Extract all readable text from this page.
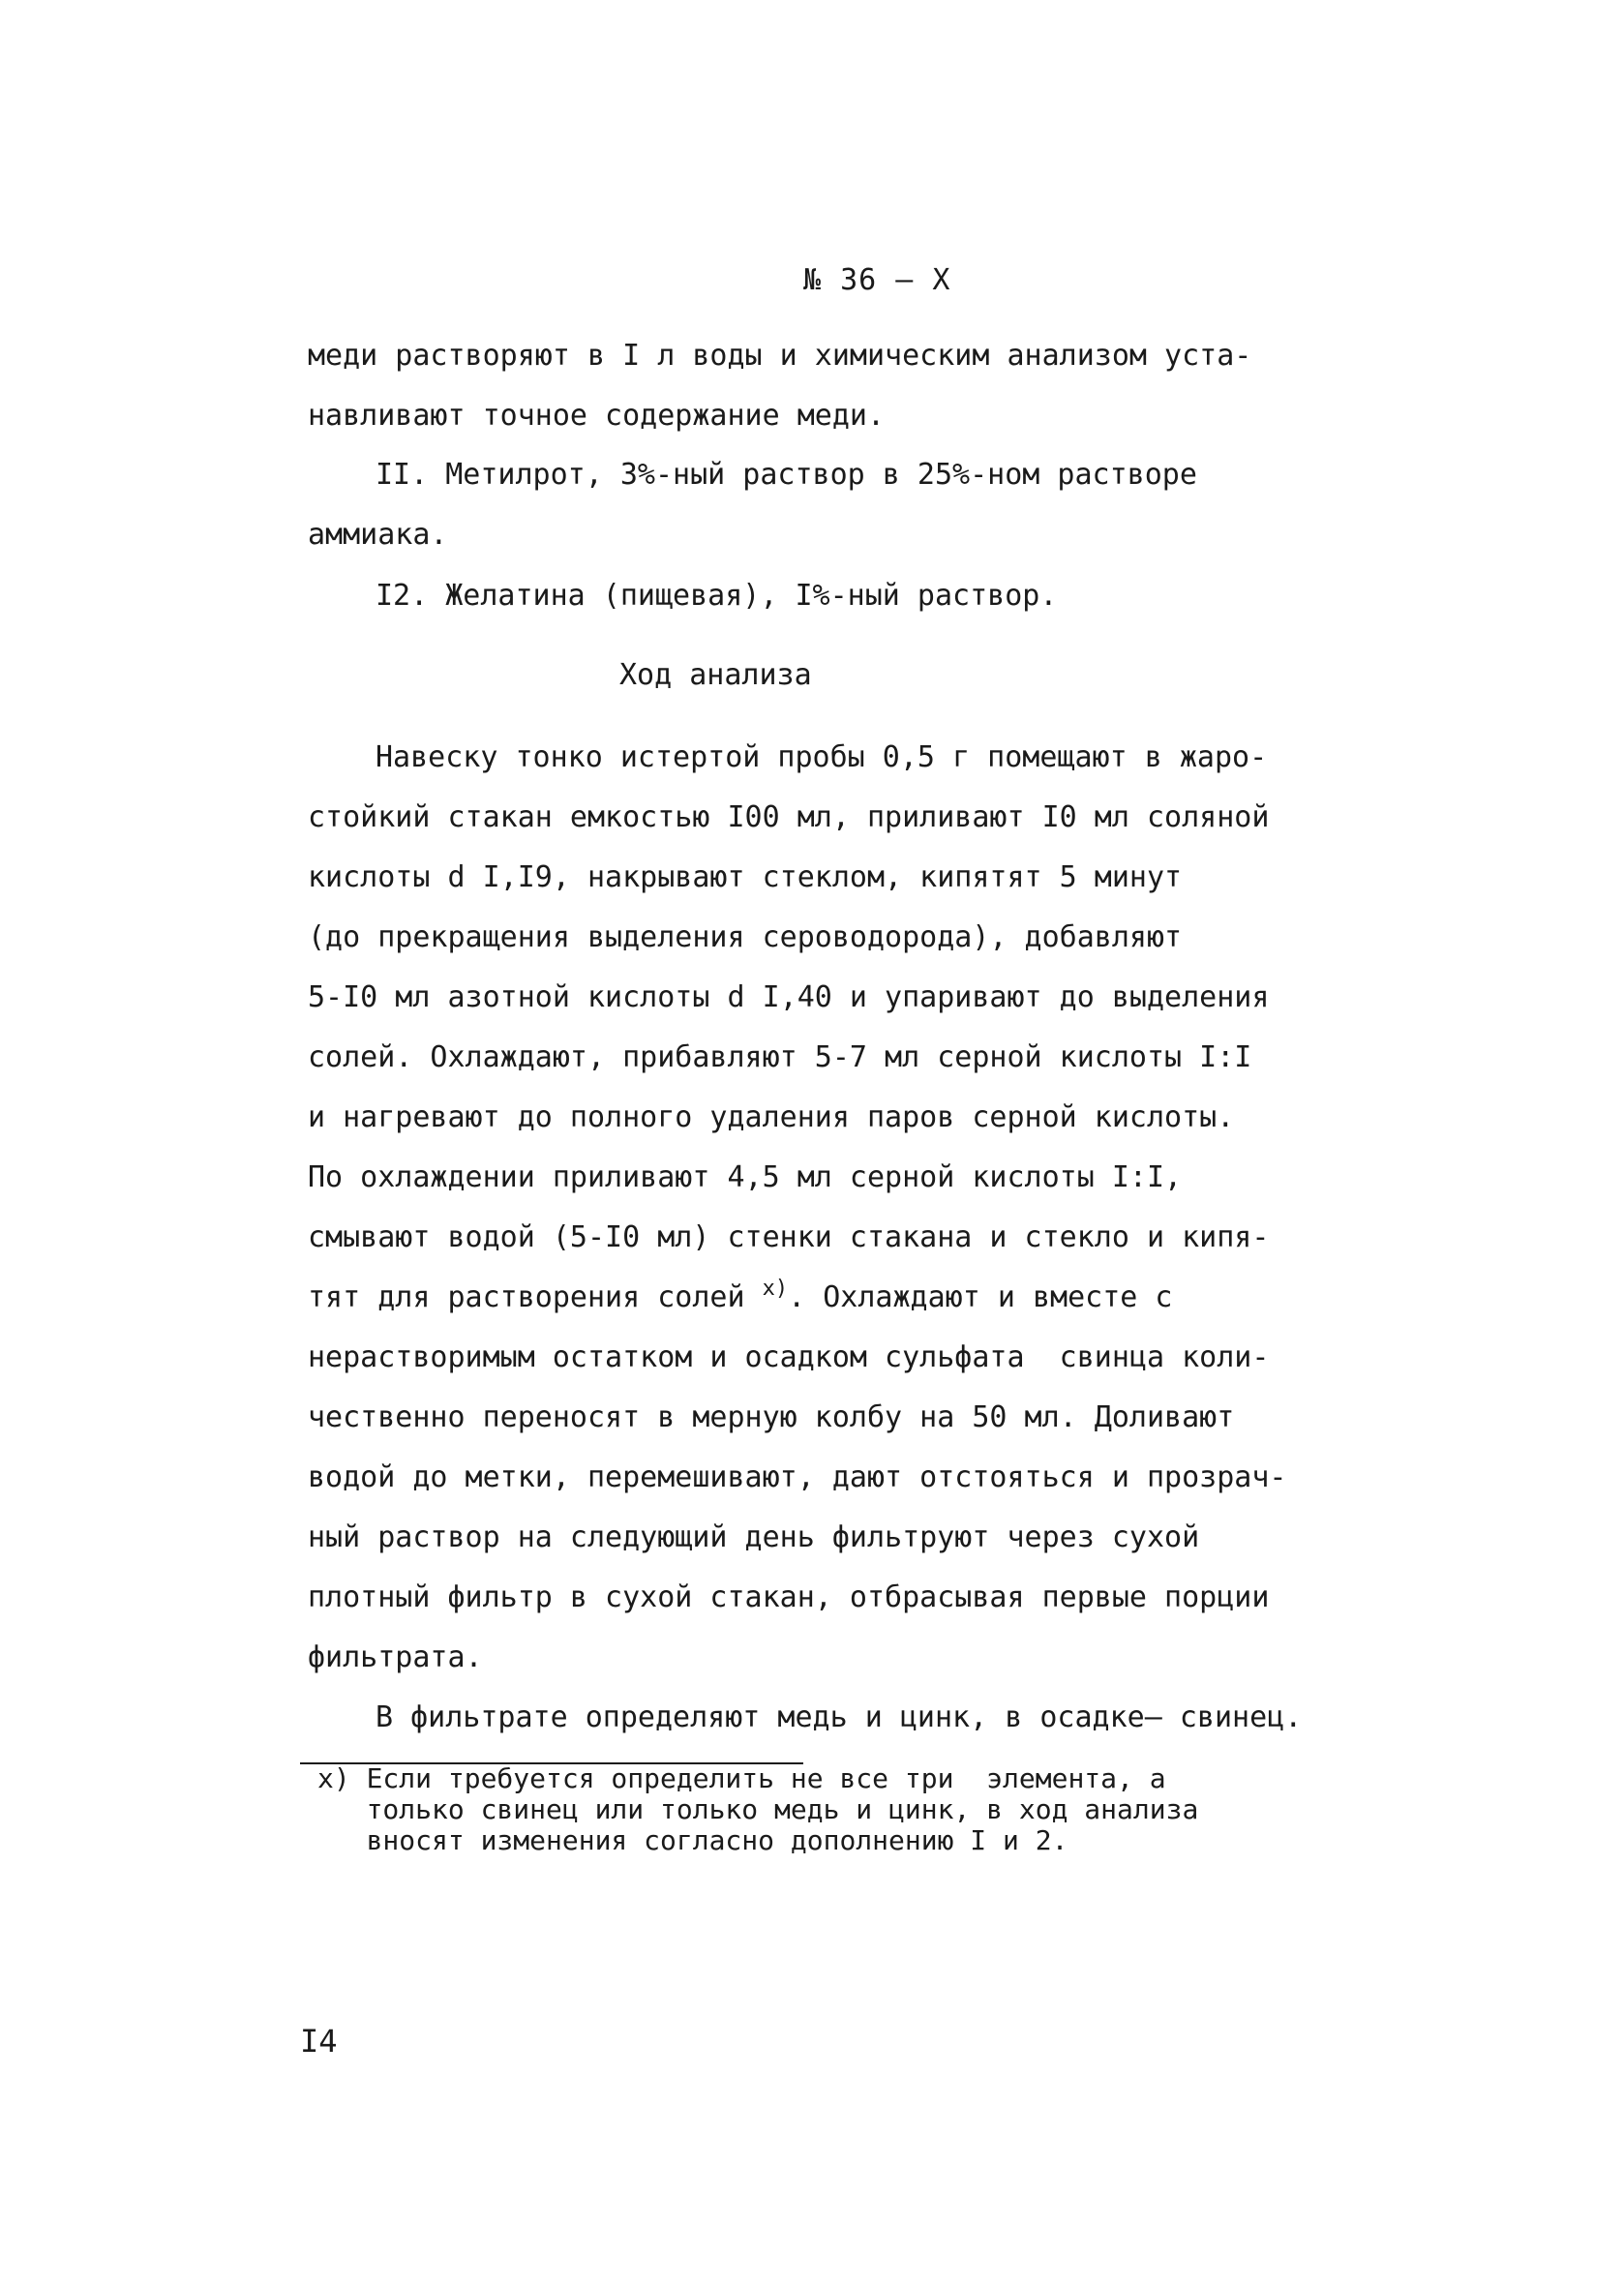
№ 36 – X
меди растворяют в I л воды и химическим анализом уста-
навливают точное содержание меди.
II. Метилрот, 3%-ный раствор в 25%-ном растворе
аммиака.
I2. Желатина (пищевая), I%-ный раствор.
Ход анализа
Навеску тонко истертой пробы 0,5 г помещают в жаро-
стойкий стакан емкостью I00 мл, приливают I0 мл соляной
кислоты d I,I9, накрывают стеклом, кипятят 5 минут
(до прекращения выделения сероводорода), добавляют
5-I0 мл азотной кислоты d I,40 и упаривают до выделения
солей. Охлаждают, прибавляют 5-7 мл серной кислоты I:I
и нагревают до полного удаления паров серной кислоты.
По охлаждении приливают 4,5 мл серной кислоты I:I,
смывают водой (5-I0 мл) стенки стакана и стекло и кипя-
тят для растворения солей $^{x)}$. Охлаждают и вместе с
нерастворимым остатком и осадком сульфата  свинца коли-
чественно переносят в мерную колбу на 50 мл. Доливают
водой до метки, перемешивают, дают отстояться и прозрач-
ный раствор на следующий день фильтруют через сухой
плотный фильтр в сухой стакан, отбрасывая первые порции
фильтрата.
В фильтрате определяют медь и цинк, в осадке– свинец.
x) Если требуется определить не все три  элемента, а
только свинец или только медь и цинк, в ход анализа
вносят изменения согласно дополнению I и 2.
I4
